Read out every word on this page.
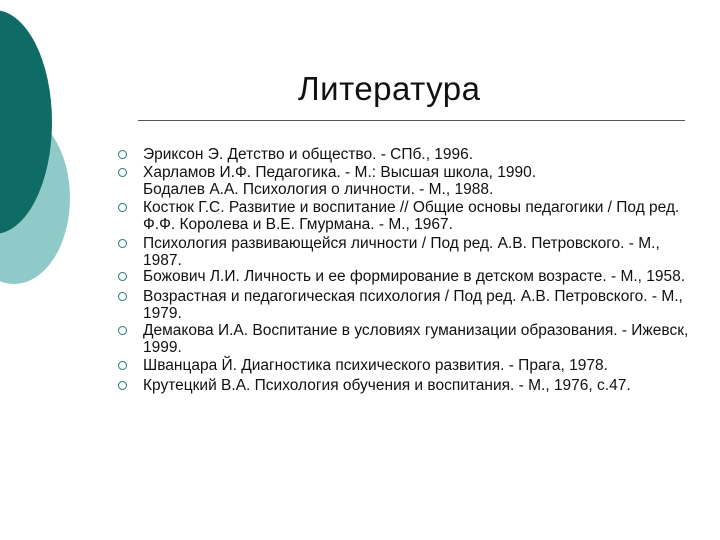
Литература
Эриксон Э. Детство и общество. - СПб., 1996.
Харламов И.Ф. Педагогика. - М.: Высшая школа, 1990.
Бодалев А.А. Психология о личности. - М., 1988.
Костюк Г.С. Развитие и воспитание // Общие основы педагогики / Под ред.
Ф.Ф. Королева и В.Е. Гмурмана. - М., 1967.
Психология развивающейся личности / Под ред. А.В. Петровского. - М.,
1987.
Божович Л.И. Личность и ее формирование в детском возрасте. - М., 1958.
Возрастная и педагогическая психология / Под ред. А.В. Петровского. - М.,
1979.
Демакова И.А. Воспитание в условиях гуманизации образования. - Ижевск,
1999.
Шванцара Й. Диагностика психического развития. - Прага, 1978.
Крутецкий В.А. Психология обучения и воспитания. - М., 1976, с.47.
